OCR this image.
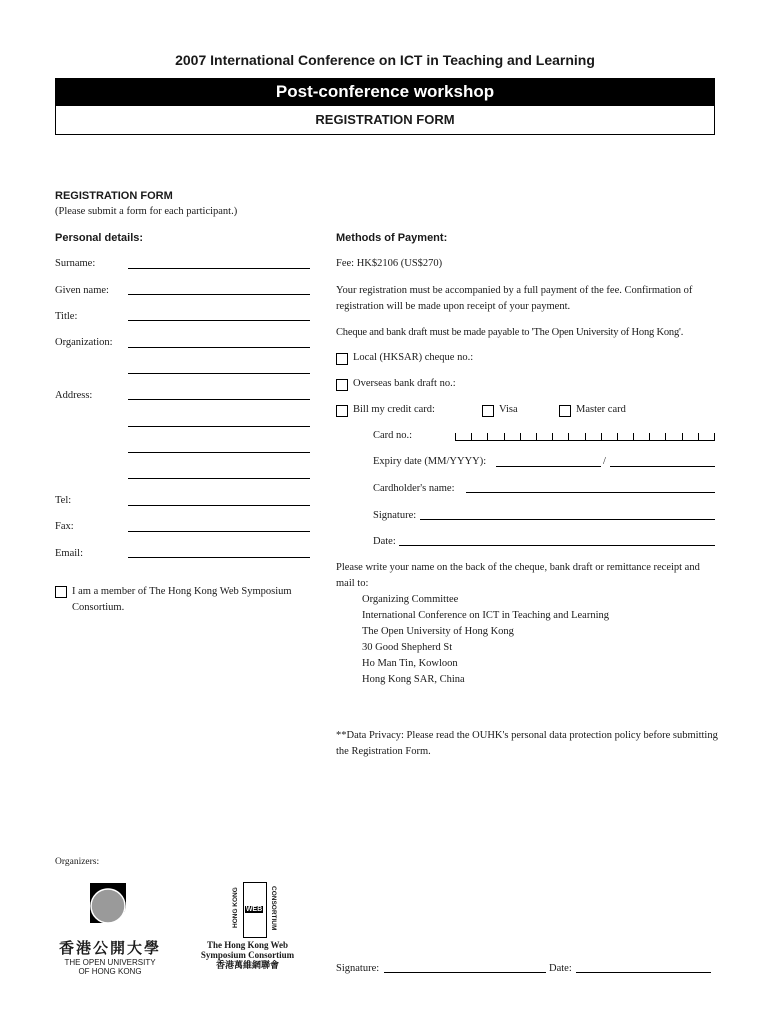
2007 International Conference on ICT in Teaching and Learning
Post-conference workshop
REGISTRATION FORM
REGISTRATION FORM
(Please submit a form for each participant.)
Personal details:
Surname:
Given name:
Title:
Organization:
Address:
Tel:
Fax:
Email:
I am a member of The Hong Kong Web Symposium Consortium.
Methods of Payment:
Fee: HK$2106 (US$270)
Your registration must be accompanied by a full payment of the fee. Confirmation of registration will be made upon receipt of your payment.
Cheque and bank draft must be made payable to 'The Open University of Hong Kong'.
Local (HKSAR) cheque no.:
Overseas bank draft no.:
Bill my credit card:	Visa	Master card
Card no.:
Expiry date (MM/YYYY):	/
Cardholder's name:
Signature:
Date:
Please write your name on the back of the cheque, bank draft or remittance receipt and mail to:
Organizing Committee
International Conference on ICT in Teaching and Learning
The Open University of Hong Kong
30 Good Shepherd St
Ho Man Tin, Kowloon
Hong Kong SAR, China
**Data Privacy: Please read the OUHK's personal data protection policy before submitting the Registration Form.
Organizers:
香港公開大學
THE OPEN UNIVERSITY
OF HONG KONG
HONG KONG WEB	CONSORTIUM
The Hong Kong Web
Symposium Consortium
香港萬維網聯會	Signature:	Date:
